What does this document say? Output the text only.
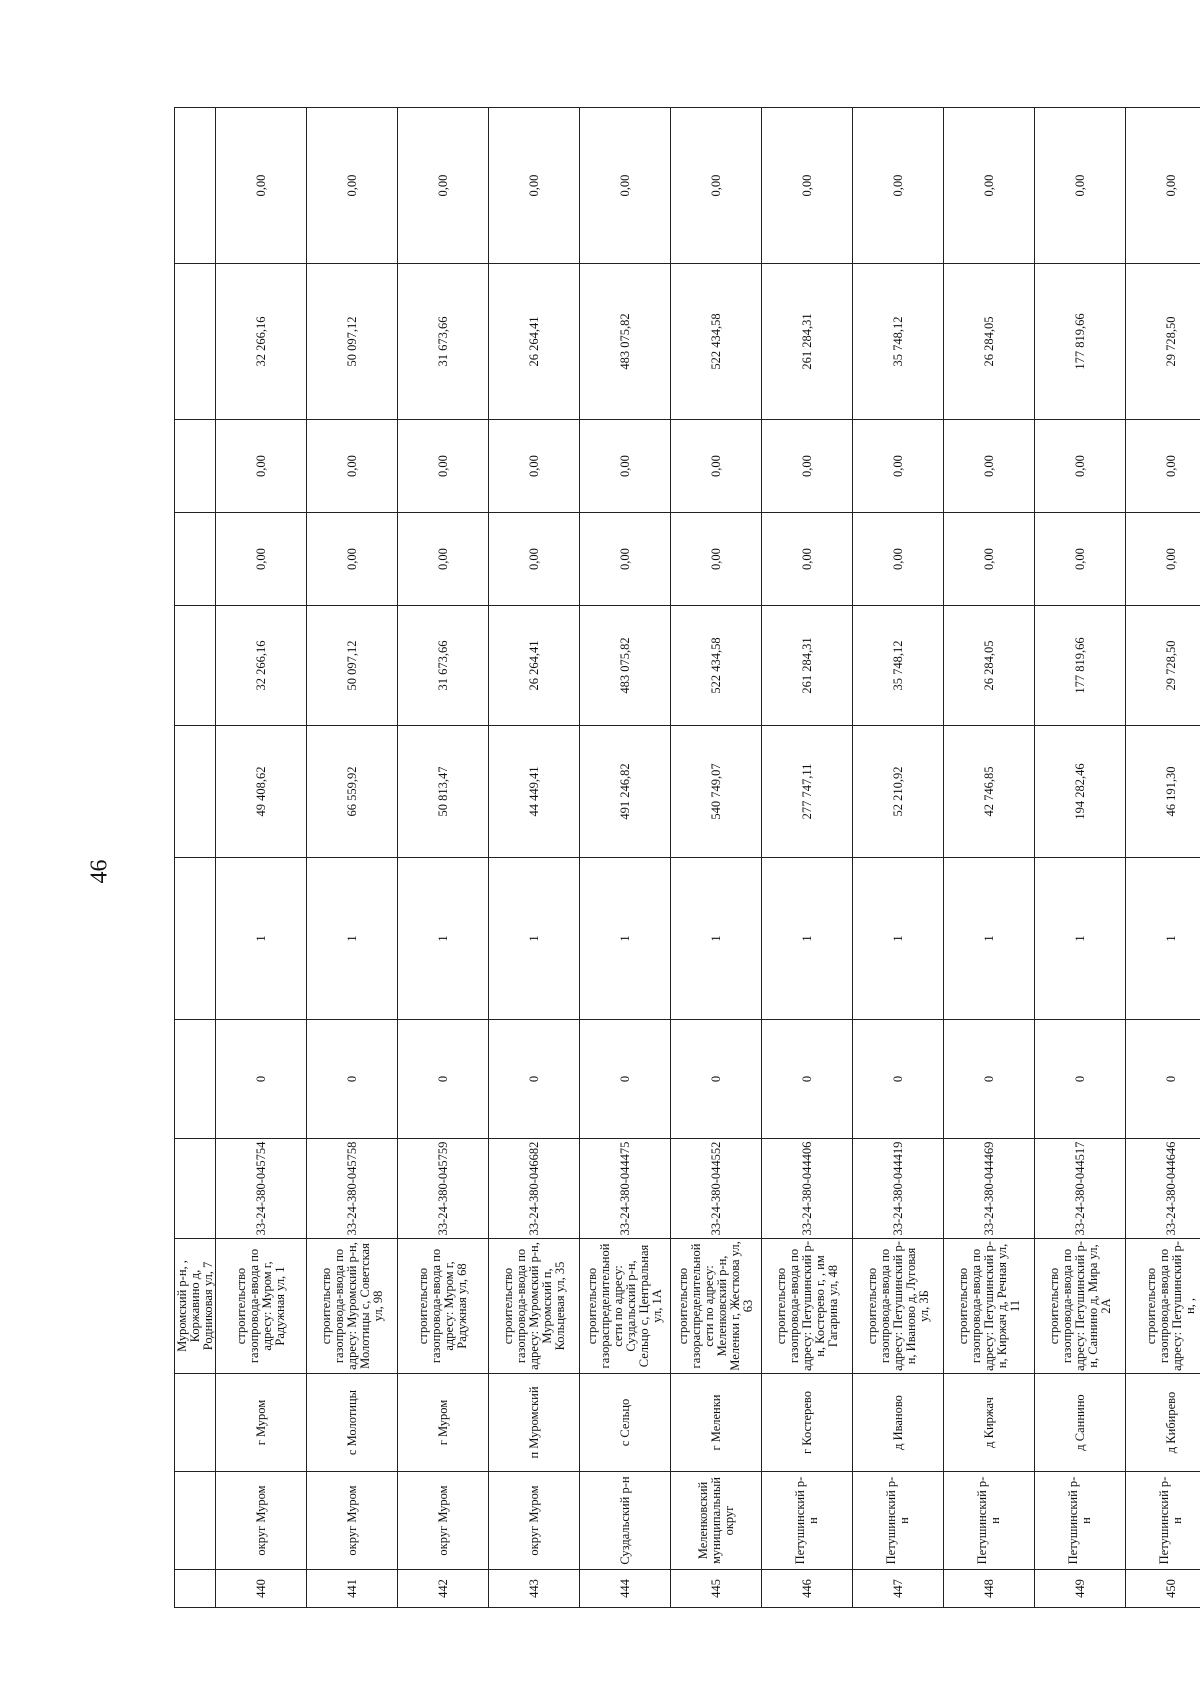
46
			Муромский р-н, , Коржавино д, Родниковая ул, 7									
440	округ Муром	г Муром	строительство газопровода-ввода по адресу: Муром г, Радужная ул, 1	33-24-380-045754	0	1	49 408,62	32 266,16	0,00	0,00	32 266,16	0,00
441	округ Муром	с Молотицы	строительство газопровода-ввода по адресу: Муромский р-н, Молотицы с, Советская ул, 98	33-24-380-045758	0	1	66 559,92	50 097,12	0,00	0,00	50 097,12	0,00
442	округ Муром	г Муром	строительство газопровода-ввода по адресу: Муром г, Радужная ул, 68	33-24-380-045759	0	1	50 813,47	31 673,66	0,00	0,00	31 673,66	0,00
443	округ Муром	п Муромский	строительство газопровода-ввода по адресу: Муромский р-н, Муромский п, Кольцевая ул, 35	33-24-380-046682	0	1	44 449,41	26 264,41	0,00	0,00	26 264,41	0,00
444	Суздальский р-н	с Сельцо	строительство газораспределительной сети по адресу: Суздальский р-н, Сельцо с, Центральная ул, 1А	33-24-380-044475	0	1	491 246,82	483 075,82	0,00	0,00	483 075,82	0,00
445	Меленковский муниципальный округ	г Меленки	строительство газораспределительной сети по адресу: Меленковский р-н, Меленки г, Жесткова ул, 63	33-24-380-044552	0	1	540 749,07	522 434,58	0,00	0,00	522 434,58	0,00
446	Петушинский р-н	г Костерево	строительство газопровода-ввода по адресу: Петушинский р-н, Костерево г, , им Гагарина ул, 48	33-24-380-044406	0	1	277 747,11	261 284,31	0,00	0,00	261 284,31	0,00
447	Петушинский р-н	д Иваново	строительство газопровода-ввода по адресу: Петушинский р-н, Иваново д, Луговая ул, 3Б	33-24-380-044419	0	1	52 210,92	35 748,12	0,00	0,00	35 748,12	0,00
448	Петушинский р-н	д Киржач	строительство газопровода-ввода по адресу: Петушинский р-н, Киржач д, Речная ул, 11	33-24-380-044469	0	1	42 746,85	26 284,05	0,00	0,00	26 284,05	0,00
449	Петушинский р-н	д Саннино	строительство газопровода-ввода по адресу: Петушинский р-н, Саннино д, Мира ул, 2А	33-24-380-044517	0	1	194 282,46	177 819,66	0,00	0,00	177 819,66	0,00
450	Петушинский р-н	д Кибирево	строительство газопровода-ввода по адресу: Петушинский р-н, ,	33-24-380-044646	0	1	46 191,30	29 728,50	0,00	0,00	29 728,50	0,00
